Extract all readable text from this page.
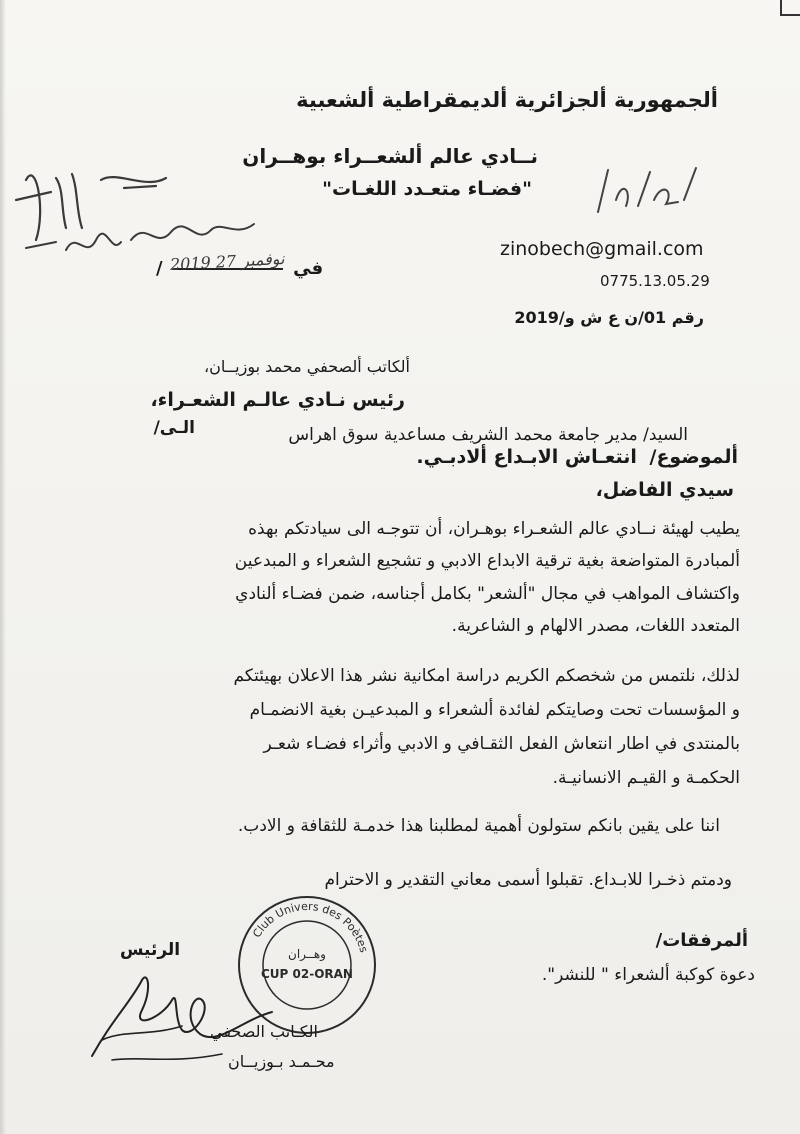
ألجمهورية ألجزائرية ألديمقراطية ألشعبية
نــادي عالم ألشعــراء بوهــران
"فضـاء متعـدد اللغـات"
/	في
2019 نوفمبر 27	zinobech@gmail.com
0775.13.05.29
رقم 01/ن ع ش و/2019
ألكاتب ألصحفي محمد بوزيــان،
رئيس نـادي عالـم الشعـراء،
الـى/	السيد/ مدير جامعة محمد الشريف مساعدية سوق اهراس
ألموضوع/ انتعـاش الابـداع ألادبـي.
سيدي الفاضل،
يطيب لهيئة نــادي عالم الشعـراء بوهـران، أن تتوجـه الى سيادتكم بهذه
ألمبادرة المتواضعة بغية ترقية الابداع الادبي و تشجيع الشعراء و المبدعين
واكتشاف المواهب في مجال "ألشعر" بكامل أجناسه، ضمن فضـاء ألنادي
المتعدد اللغات، مصدر الالهام و الشاعرية.
لذلك، نلتمس من شخصكم الكريم دراسة امكانية نشر هذا الاعلان بهيئتكم
و المؤسسات تحت وصايتكم لفائدة ألشعراء و المبدعيـن بغية الانضمـام
بالمنتدى في اطار انتعاش الفعل الثقـافي و الادبي وأثراء فضـاء شعـر
الحكمـة و القيـم الانسانيـة.
اننا على يقين بانكم ستولون أهمية لمطلبنا هذا خدمـة للثقافة و الادب.
ودمتم ذخـرا للابـداع. تقبلوا أسمى معاني التقدير و الاحترام
ألمرفقات/
دعوة كوكبة ألشعراء " للنشر".
الرئيس
Club Univers des Poètes
وهــران
CUP 02-ORAN
الكـاتب الصحفي
محـمـد بـوزيــان
